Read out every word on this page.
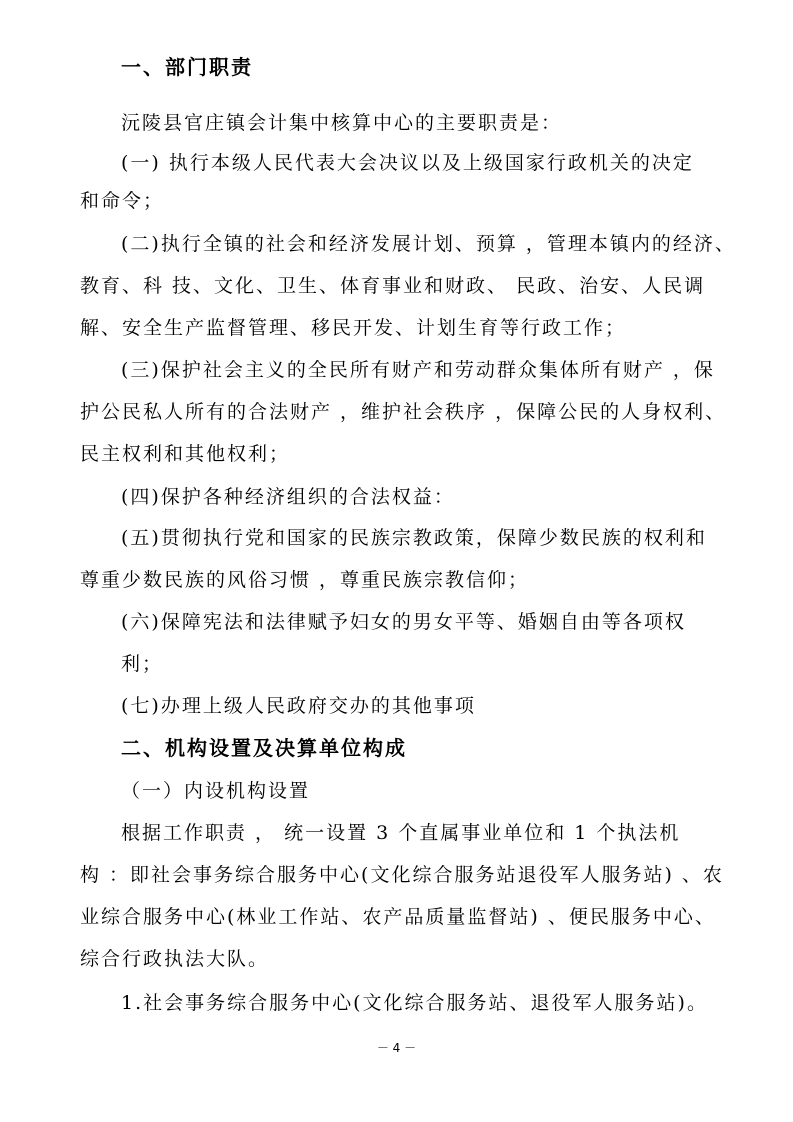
一、部门职责
沅陵县官庄镇会计集中核算中心的主要职责是：
(一) 执行本级人民代表大会决议以及上级国家行政机关的决定
和命令；
(二)执行全镇的社会和经济发展计划、预算 ，管理本镇内的经济、
教育、科 技、文化、卫生、体育事业和财政、 民政、治安、人民调
解、安全生产监督管理、移民开发、计划生育等行政工作；
(三)保护社会主义的全民所有财产和劳动群众集体所有财产 ，保
护公民私人所有的合法财产 ，维护社会秩序 ，保障公民的人身权利、
民主权利和其他权利；
(四)保护各种经济组织的合法权益：
(五)贯彻执行党和国家的民族宗教政策，保障少数民族的权利和
尊重少数民族的风俗习惯 ，尊重民族宗教信仰；
(六)保障宪法和法律赋予妇女的男女平等、婚姻自由等各项权
利；
(七)办理上级人民政府交办的其他事项
二、机构设置及决算单位构成
（一）内设机构设置
根据工作职责 ， 统一设置 3 个直属事业单位和 1 个执法机
构 ：即社会事务综合服务中心(文化综合服务站退役军人服务站) 、农
业综合服务中心(林业工作站、农产品质量监督站) 、便民服务中心、
综合行政执法大队。
1.社会事务综合服务中心(文化综合服务站、退役军人服务站)。
－ 4 －
